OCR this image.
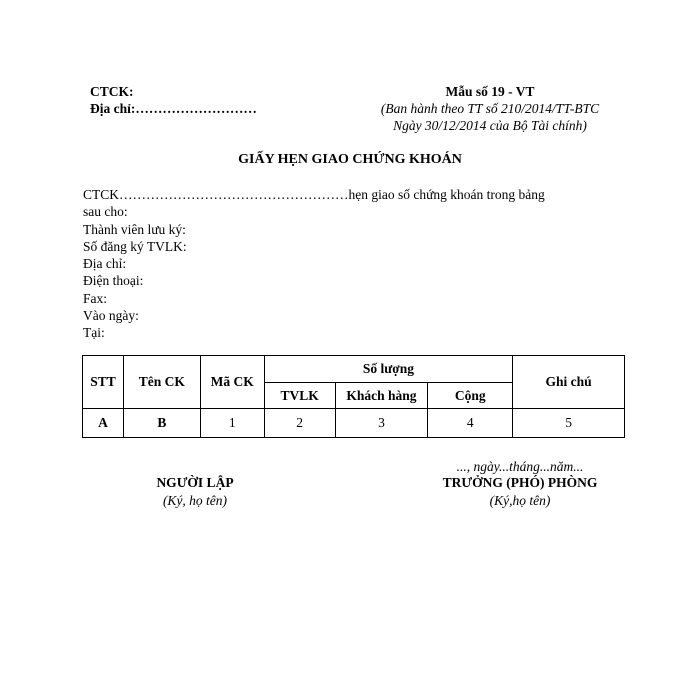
CTCK:
Địa chỉ:………………………
Mẫu số 19 - VT
(Ban hành theo TT số 210/2014/TT-BTC
Ngày 30/12/2014 của Bộ Tài chính)
GIẤY HẸN GIAO CHỨNG KHOÁN
CTCK……………………………………………hẹn giao số chứng khoán trong bảng
sau cho:
Thành viên lưu ký:
Số đăng ký TVLK:
Địa chỉ:
Điện thoại:
Fax:
Vào ngày:
Tại:
STT	Tên CK	Mã CK	Số lượng			Ghi chú
			TVLK	Khách hàng	Cộng	
A	B	1	2	3	4	5
..., ngày...tháng...năm...
NGƯỜI LẬP
(Ký, họ tên)
TRƯỞNG (PHÓ) PHÒNG
(Ký,họ tên)
